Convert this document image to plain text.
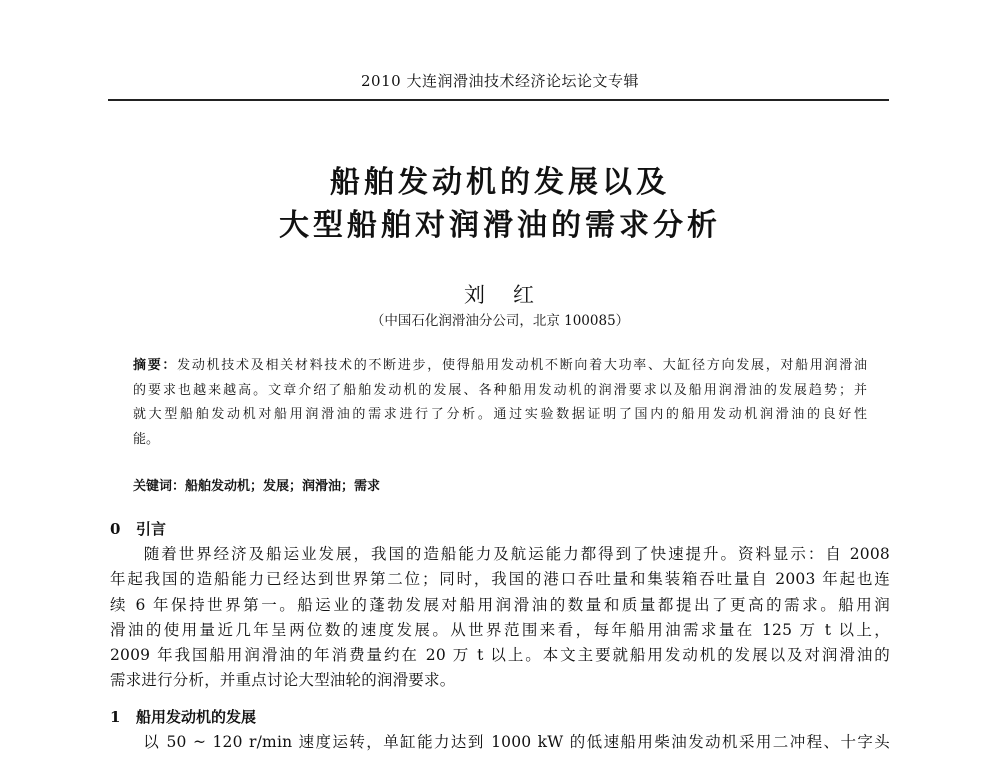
2010 大连润滑油技术经济论坛论文专辑
船舶发动机的发展以及
大型船舶对润滑油的需求分析
刘 红
（中国石化润滑油分公司，北京 100085）
摘要：发动机技术及相关材料技术的不断进步，使得船用发动机不断向着大功率、大缸径方向发展，对船用润滑油
的要求也越来越高。文章介绍了船舶发动机的发展、各种船用发动机的润滑要求以及船用润滑油的发展趋势；并
就大型船舶发动机对船用润滑油的需求进行了分析。通过实验数据证明了国内的船用发动机润滑油的良好性
能。
关键词：船舶发动机；发展；润滑油；需求
0 引言
随着世界经济及船运业发展，我国的造船能力及航运能力都得到了快速提升。资料显示：自 2008
年起我国的造船能力已经达到世界第二位；同时，我国的港口吞吐量和集装箱吞吐量自 2003 年起也连
续 6 年保持世界第一。船运业的蓬勃发展对船用润滑油的数量和质量都提出了更高的需求。船用润
滑油的使用量近几年呈两位数的速度发展。从世界范围来看，每年船用油需求量在 125 万 t 以上，
2009 年我国船用润滑油的年消费量约在 20 万 t 以上。本文主要就船用发动机的发展以及对润滑油的
需求进行分析，并重点讨论大型油轮的润滑要求。
1 船用发动机的发展
以 50 ~ 120 r/min 速度运转，单缸能力达到 1000 kW 的低速船用柴油发动机采用二冲程、十字头
